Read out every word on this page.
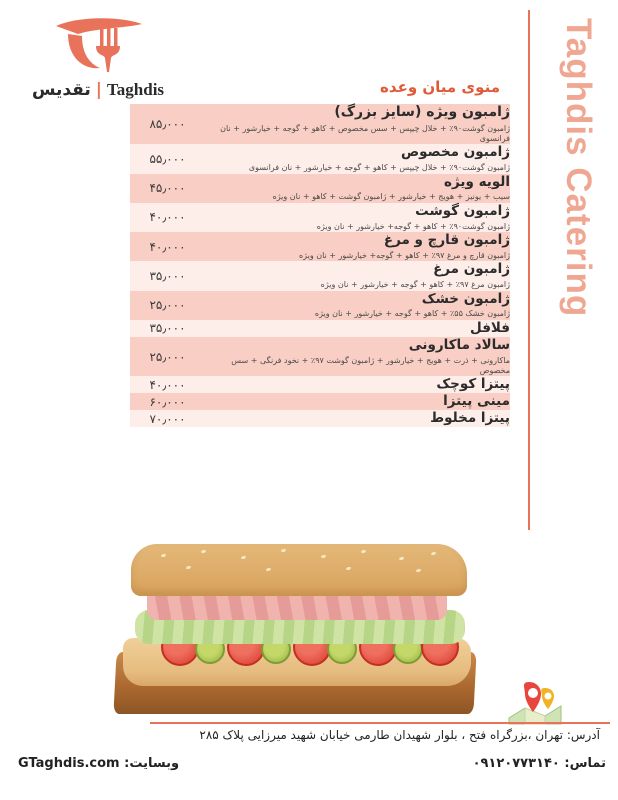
Taghdis|تقدیس	Taghdis Catering
منوی میان وعده
ژامبون ویژه (سایز بزرگ)
ژامبون گوشت۹۰٪ + خلال چیپس + سس مخصوص + کاهو + گوجه + خیارشور + نان فرانسوی	۸۵٫۰۰۰

ژامبون مخصوص
ژامبون گوشت۹۰٪ + خلال چیپس + کاهو + گوجه + خیارشور + نان فرانسوی	۵۵٫۰۰۰

الویه ویژه
سیب + یونیز + هویج + خیارشور + ژامبون گوشت + کاهو + نان ویژه	۴۵٫۰۰۰

ژامبون گوشت
ژامبون گوشت۹۰٪ + کاهو + گوجه+ خیارشور + نان ویژه	۴۰٫۰۰۰

ژامبون قارچ و مرغ
ژامبون قارچ و مرغ ۹۷٪ + کاهو + گوجه+ خیارشور + نان ویژه	۴۰٫۰۰۰

ژامبون مرغ
ژامبون مرغ ۹۷٪ + کاهو + گوجه + خیارشور + نان ویژه	۳۵٫۰۰۰

ژامبون خشک
ژامبون خشک ۵۵٪ + کاهو + گوجه + خیارشور + نان ویژه	۲۵٫۰۰۰

فلافل	۳۵٫۰۰۰

سالاد ماکارونی
ماکارونی + ذرت + هویج + خیارشور + ژامبون گوشت ۹۷٪ + نخود فرنگی + سس مخصوص	۲۵٫۰۰۰

پیتزا کوچک	۴۰٫۰۰۰

مینی پیتزا	۶۰٫۰۰۰

پیتزا مخلوط	۷۰٫۰۰۰
آدرس: تهران ،بزرگراه فتح ، بلوار شهیدان طارمی خیابان شهید میرزایی پلاک ۲۸۵
تماس: ۰۹۱۲۰۷۷۳۱۴۰
وبسایت: GTaghdis.com
